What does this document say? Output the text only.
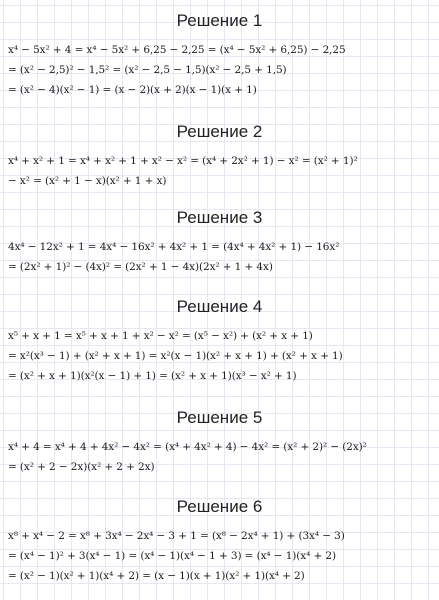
Решение 1
x⁴ − 5x² + 4 = x⁴ − 5x² + 6,25 − 2,25 = (x⁴ − 5x² + 6,25) − 2,25
= (x² − 2,5)² − 1,5² = (x² − 2,5 − 1,5)(x² − 2,5 + 1,5)
= (x² − 4)(x² − 1) = (x − 2)(x + 2)(x − 1)(x + 1)
Решение 2
x⁴ + x² + 1 = x⁴ + x² + 1 + x² − x² = (x⁴ + 2x² + 1) − x² = (x² + 1)²
− x² = (x² + 1 − x)(x² + 1 + x)
Решение 3
4x⁴ − 12x² + 1 = 4x⁴ − 16x² + 4x² + 1 = (4x⁴ + 4x² + 1) − 16x²
= (2x² + 1)² − (4x)² = (2x² + 1 − 4x)(2x² + 1 + 4x)
Решение 4
x⁵ + x + 1 = x⁵ + x + 1 + x² − x² = (x⁵ − x²) + (x² + x + 1)
= x²(x³ − 1) + (x² + x + 1) = x²(x − 1)(x² + x + 1) + (x² + x + 1)
= (x² + x + 1)(x²(x − 1) + 1) = (x² + x + 1)(x³ − x² + 1)
Решение 5
x⁴ + 4 = x⁴ + 4 + 4x² − 4x² = (x⁴ + 4x² + 4) − 4x² = (x² + 2)² − (2x)²
= (x² + 2 − 2x)(x² + 2 + 2x)
Решение 6
x⁸ + x⁴ − 2 = x⁸ + 3x⁴ − 2x⁴ − 3 + 1 = (x⁸ − 2x⁴ + 1) + (3x⁴ − 3)
= (x⁴ − 1)² + 3(x⁴ − 1) = (x⁴ − 1)(x⁴ − 1 + 3) = (x⁴ − 1)(x⁴ + 2)
= (x² − 1)(x² + 1)(x⁴ + 2) = (x − 1)(x + 1)(x² + 1)(x⁴ + 2)
